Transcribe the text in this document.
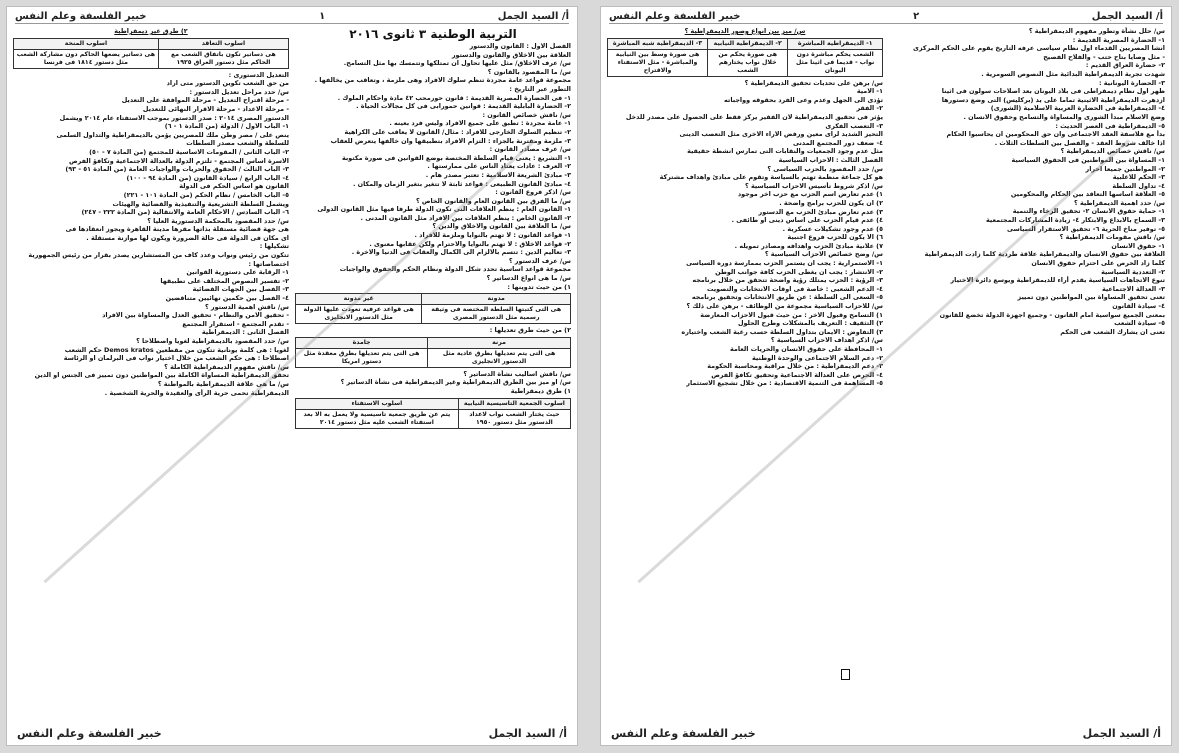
أ/ السيد الجمل
١
خبير الفلسفة وعلم النفس
التربية الوطنية ٣ ثانوى ٢٠١٦
الفصل الاول : القانون والدستور
العلاقة بين الاخلاق والقانون والدستور
س/ عرف الاخلاق/ مثل عليها تحاول ان تمتلكها وتتمسك بها مثل التسامح.
س/ ما المقصود بالقانون ؟
مجموعة قواعد عامة مجردة تنظم سلوك الافراد وهى ملزمة ، وتعاقب من يخالفها .
التطور عبر التاريخ :
١- فى الحضارة المصرية القديمة : قانون حورمحب ٤٢ مادة واحكام الملوك .
٢- الحضارة البابلية القديمة : قوانين حمورابى فى كل مجالات الحياة .
س/ ناقش خصائص القانون :
١- عامة مجردة : تطبق على جميع الافراد وليس فرد بعينه .
٢- تنظيم السلوك الخارجى للافراد : مثال/ القانون لا يعاقب على الكراهية
٣- ملزمة ومقترنة بالجزاء : التزام الافراد بتطبيقها وان خالفها يتعرض للعقاب
س/ عرف مصادر القانون :
١- التشريع : يعنى قيام السلطة المختصة بوضع القوانين فى صورة مكتوبة
٢- العرف : عادات يعتاد الناس على ممارستها .
٣- مبادئ الشريعة الاسلامية : تعتبر مصدر هام .
٤- مبادئ القانون الطبيعى : قواعد ثابتة لا تتغير بتغير الزمان والمكان .
س/ اذكر فروع القانون :
س/ ما الفرق بين القانون العام والقانون الخاص ؟
١- القانون العام : ينظم العلاقات التى تكون الدولة طرفا فيها مثل القانون الدولى
٢- القانون الخاص : ينظم العلاقات بين الافراد مثل القانون المدنى .
س/ ما العلاقة بين القانون والاخلاق والدين ؟
١- قواعد القانون : لا تهتم بالنوايا وملزمة للافراد .
٢- قواعد الاخلاق : لا تهتم بالنوايا والاحترام ولكن عقابها معنوى .
٣- تعاليم الدين : تتسم بالالزام الى الكمال والعقاب فى الدنيا والاخرة .
س/ عرف الدستور ؟
مجموعة قواعد اساسية تحدد شكل الدولة ونظام الحكم والحقوق والواجبات
س/ ما هى انواع الدساتير ؟
١) من حيث تدوينها :
مدونة	غير مدونة
هى التى كتبتها السلطة المختصة فى وثيقة رسمية مثل الدستور المصرى	هى قواعد عرفية تعودت عليها الدولة مثل الدستور الانجليزى
٢) من حيث طرق تعديلها :
مرنة	جامدة
هى التى يتم تعديلها بطرق عادية مثل الدستور الانجليزى	هى التى يتم تعديلها بطرق معقدة مثل دستور امريكا
س/ ناقش اساليب نشأة الدساتير ؟
س/ او ميز بين الطرق الديمقراطية وغير الديمقراطية فى نشأة الدساتير ؟
١) طرق ديمقراطية
اسلوب الجمعية التاسيسية النيابية	اسلوب الاستفتاء
حيث يختار الشعب نواب لاعداد الدستور مثل دستور ١٩٥٠	يتم عن طريق جمعية تاسيسية ولا يعمل به الا بعد استفتاء الشعب عليه مثل دستور ٢٠١٤
٢) طرق غير ديمقراطية
اسلوب التعاقد	اسلوب المنحة
هى دساتير تكون باتفاق الشعب مع الحاكم مثل دستور العراق ١٩٢٥	هى دساتير يضعها الحاكم دون مشاركة الشعب مثل دستور ١٨١٤ فى فرنسا
التعديل الدستورى :
من حق الشعب تكوين الدستور متى اراد
س/ حدد مراحل تعديل الدستور :
- مرحلة اقتراح التعديل - مرحلة الموافقة على التعديل
- مرحلة الاعداد - مرحلة الاقرار النهائى للتعديل
الدستور المصرى ٢٠١٤ : صدر الدستور بموجب الاستفتاء عام ٢٠١٤ ويشمل
١- الباب الاول / الدولة (من المادة ١ - ٦)
ينص على / مصر وطن ملك للمصريين يؤمن بالديمقراطية والتداول السلمى
للسلطة والشعب مصدر السلطات
٢- الباب الثانى / المقومات الاساسية للمجتمع (من المادة ٧ - ٥٠)
الاسرة اساس المجتمع - تلتزم الدولة بالعدالة الاجتماعية وتكافؤ الفرص
٣- الباب الثالث / الحقوق والحريات والواجبات العامة (من المادة ٥١ - ٩٣)
٤- الباب الرابع / سيادة القانون (من المادة ٩٤ - ١٠٠)
القانون هو اساس الحكم فى الدولة
٥- الباب الخامس / نظام الحكم (من المادة ١٠١ - ٢٢١)
ويشمل السلطة التشريعية والتنفيذية والقضائية والهيئات
٦- الباب السادس / الاحكام العامة والانتقالية (من المادة ٢٢٢ - ٢٤٧)
س/ حدد المقصود بالمحكمة الدستورية العليا ؟
هى جهة قضائية مستقلة بذاتها مقرها مدينة القاهرة ويجوز انعقادها فى
اى مكان فى الدولة فى حالة الضرورة ويكون لها موازنة مستقلة .
تشكيلها :
تتكون من رئيس ونواب وعدد كاف من المستشارين يصدر بقرار من رئيس الجمهورية
اختصاصاتها :
١- الرقابة على دستورية القوانين
٢- تفسير النصوص المختلف على تطبيقها
٣- الفصل بين الجهات القضائية
٤- الفصل بين حكمين نهائيين متناقضين
س/ ناقش اهمية الدستور ؟
- تحقيق الامن والنظام - تحقيق العدل والمساواة بين الافراد
- تقدم المجتمع - استقرار المجتمع
الفصل الثانى : الديمقراطية
س/ حدد المقصود بالديمقراطية لغويا واصطلاحا ؟
لغويا : هى كلمة يونانية تتكون من مقطعين Demos kratos حكم الشعب
اصطلاحا : هى حكم الشعب من خلال اختيار نواب فى البرلمان او الرئاسة
س/ ناقش مفهوم الديمقراطية الكاملة ؟
تحقق الديمقراطية المساواة الكاملة بين المواطنين دون تمييز فى الجنس او الدين
س/ ما هى علاقة الديمقراطية بالمواطنة ؟
الديمقراطية تحمى حرية الرأى والعقيدة والحرية الشخصية .
أ/ السيد الجمل
خبير الفلسفة وعلم النفس
أ/ السيد الجمل
٢
خبير الفلسفة وعلم النفس
س/ حلل نشأة وتطور مفهوم الديمقراطية ؟
١- الحضارة المصرية القديمة :
انشا المصريين القدماء اول نظام سياسى عرفه التاريخ يقوم على الحكم المركزى
- مثل وصايا بتاح حتب - والفلاح الفصيح
٢- حضارة العراق القديم :
شهدت تجربة الديمقراطية البدائية مثل النصوص السومرية .
٣- الحضارة اليونانية :
ظهر اول نظام ديمقراطى فى بلاد اليونان بعد اصلاحات سولون فى اثينا
ازدهرت الديمقراطية الاثينية تماما على يد (بركليس) التى وضع دستورها
٤- الديمقراطية فى الحضارة العربية الاسلامية (الشورى)
وضع الاسلام مبدأ الشورى والمساواة والتسامح وحقوق الانسان .
٥- الديمقراطية فى العصر الحديث :
بدأ مع فلاسفة العقد الاجتماعى وان حق المحكومين ان يحاسبوا الحكام
اذا خالف شروط العقد - والفصل بين السلطات الثلاث .
س/ ناقش خصائص الديمقراطية ؟
١- المساواة بين المواطنين فى الحقوق السياسية
٢- المواطنين جميعا احرار
٣- الحكم للاغلبية
٤- تداول السلطة
٥- العلاقة اساسها التعاقد بين الحكام والمحكومين
س/ حدد اهمية الديمقراطية ؟
١- حماية حقوق الانسان ٢- تحقيق الرخاء والتنمية
٣- السماح بالابداع والابتكار ٤- زيادة المشاركات المجتمعية
٥- توفير مناخ الحرية ٦- تحقيق الاستقرار السياسى
س/ ناقش مقومات الديمقراطية ؟
١- حقوق الانسان
العلاقة بين حقوق الانسان والديمقراطية علاقة طردية كلما زادت الديمقراطية
كلما زاد الحرص على احترام حقوق الانسان
٢- التعددية السياسية
تنوع الاتجاهات السياسية يقدم أراء للديمقراطية ويوسع دائرة الاختيار
٣- العدالة الاجتماعية
تعنى تحقيق المساواة بين المواطنين دون تمييز
٤- سيادة القانون
بمعنى الجميع سواسية امام القانون - وجميع اجهزة الدولة تخضع للقانون
٥- سيادة الشعب
تعنى ان يشارك الشعب فى الحكم
س/ ميز بين انواع وصور الديمقراطية ؟
١- الديمقراطية المباشرة	٢- الديمقراطية النيابية	٣- الديمقراطية شبه المباشرة
الشعب يحكم مباشرة دون نواب - قديما فى اثينا مثل اليونان	هى صورة يحكم من خلال نواب يختارهم الشعب	هى صورة وسط بين النيابية والمباشرة - مثل الاستفتاء والاقتراح
س/ برهن على تحديات تحقيق الديمقراطية ؟
١- الامية
تؤدى الى الجهل وعدم وعى الفرد بحقوقه وواجباته
٢- الفقر
يؤثر فى تحقيق الديمقراطية لان الفقير يركز فقط على الحصول على مصدر للدخل
٣- التعصب الفكرى
التحيز الشديد لراى معين ورفض الاراء الاخرى مثل التعصب الدينى
٤- ضعف دور المجتمع المدنى
مثل عدم وجود الجمعيات والنقابات التى تمارس انشطة حقيقية
الفصل الثالث : الاحزاب السياسية
س/ حدد المقصود بالحزب السياسى ؟
هو كل جماعة منظمة تهتم بالسياسة وتقوم على مبادئ واهداف مشتركة
س/ اذكر شروط تأسيس الاحزاب السياسية ؟
١) عدم تعارض اسم الحزب مع حزب اخر موجود
٢) ان يكون للحزب برامج واضحة .
٣) عدم تعارض مبادئ الحزب مع الدستور
٤) عدم قيام الحزب على اساس دينى او طائفى .
٥) عدم وجود تشكيلات عسكرية .
٦) الا يكون للحزب فروع اجنبية
٧) علانية مبادئ الحزب واهدافه ومصادر تمويله .
س/ وضح خصائص الاحزاب السياسية ؟
١- الاستمرارية : يجب ان يستمر الحزب بممارسة دوره السياسى
٢- الانتشار : يجب ان يغطى الحزب كافة جوانب الوطن
٣- الرؤية : الحزب يمتلك رؤية واضحة تتحقق من خلال برنامجه
٤- الدعم الشعبى : خاصة فى اوقات الانتخابات والتصويت
٥- السعى الى السلطة : عن طريق الانتخابات وتحقيق برنامجه
س/ للاحزاب السياسية مجموعة من الوظائف - برهن على ذلك ؟
١) التسامح وقبول الاخر : من حيث قبول الاحزاب المعارضة
٢) التثقيف : التعريف بالمشكلات وطرح الحلول
٣) التفاوض : الايمان بتداول السلطة حسب رغبة الشعب واختياره
س/ اذكر اهداف الاحزاب السياسية ؟
١- المحافظة على حقوق الانسان والحريات العامة
٢- دعم السلام الاجتماعى والوحدة الوطنية
٣- دعم الديمقراطية : من خلال مراقبة ومحاسبة الحكومة
٤- الحرص على العدالة الاجتماعية وتحقيق تكافؤ الفرص
٥- المساهمة فى التنمية الاقتصادية : من خلال تشجيع الاستثمار
أ/ السيد الجمل
خبير الفلسفة وعلم النفس
